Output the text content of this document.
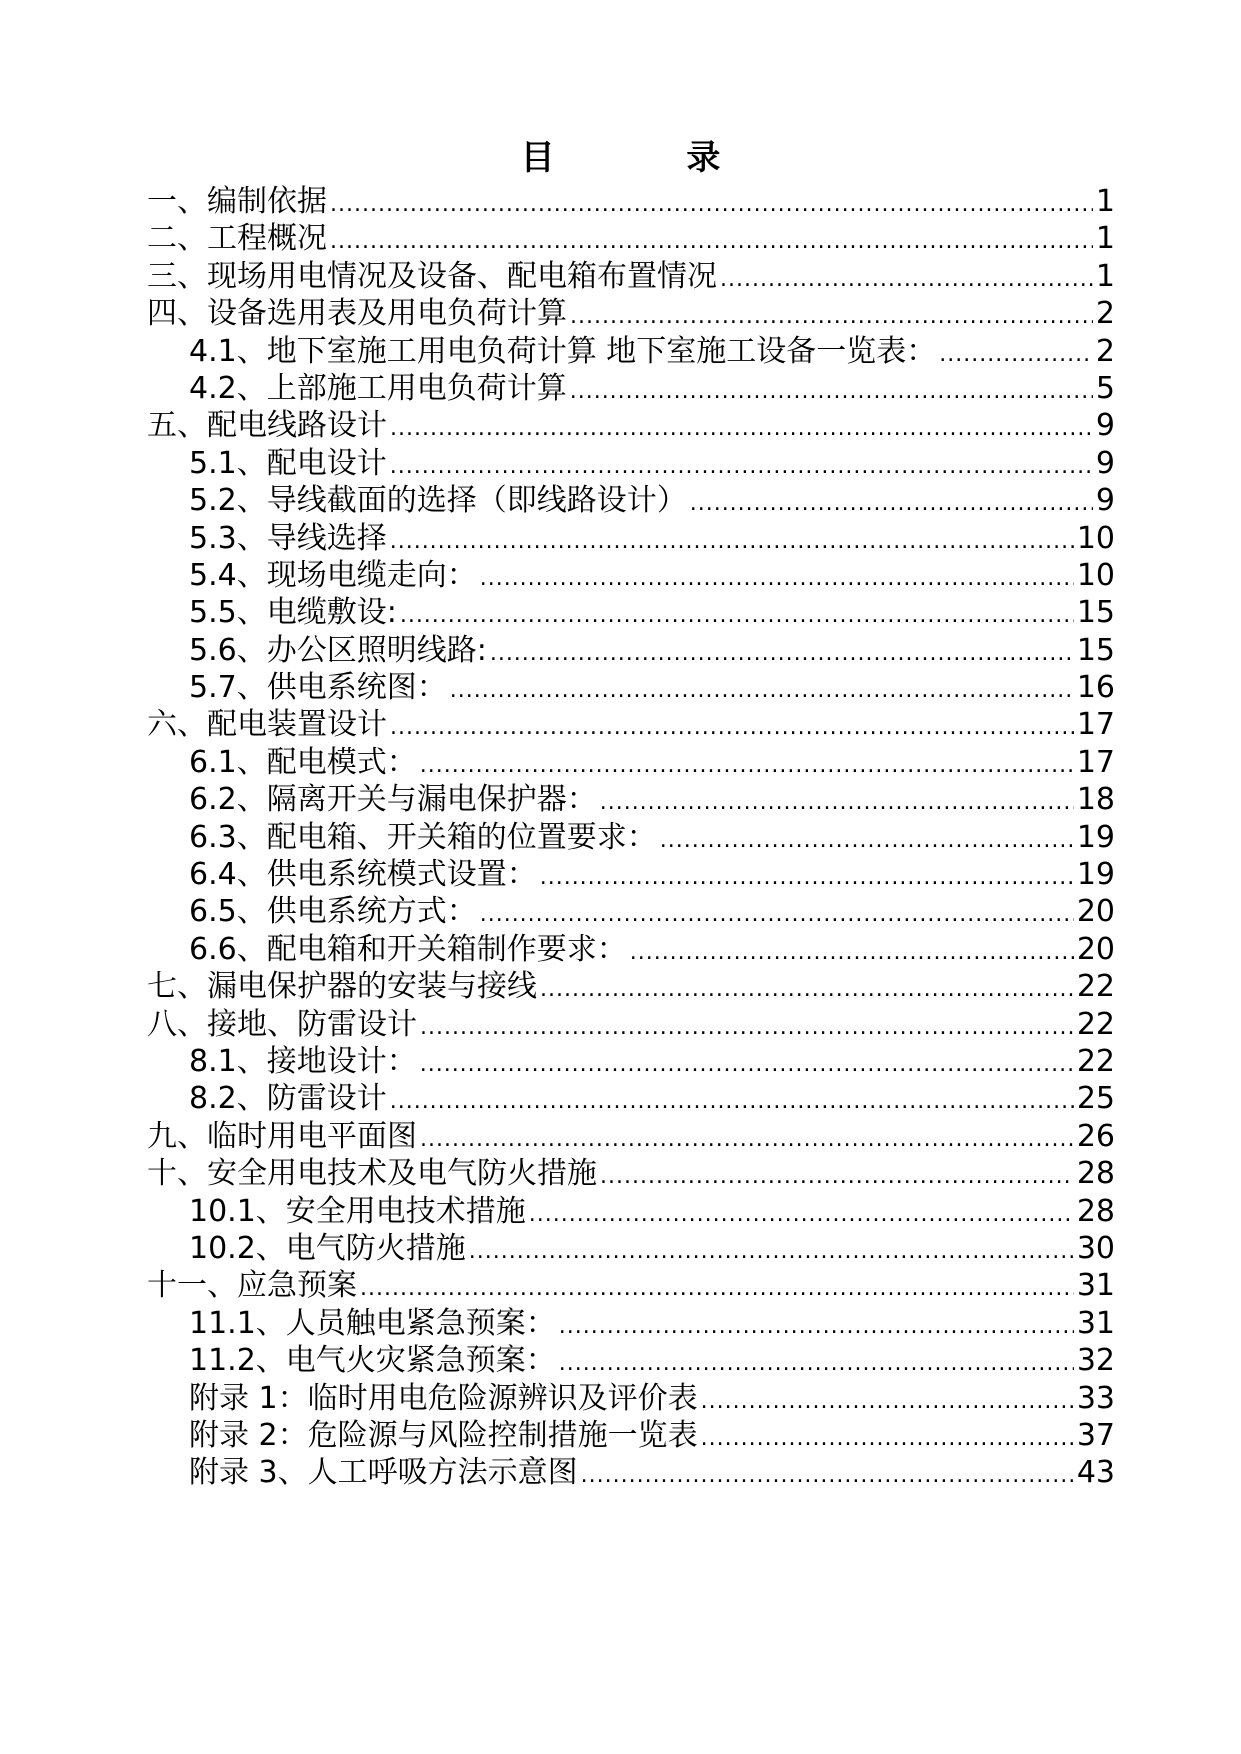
目 录
一、编制依据 .....	1
二、工程概况 .....	1
三、现场用电情况及设备、配电箱布置情况 .....	1
四、设备选用表及用电负荷计算 .....	2
4.1、地下室施工用电负荷计算 地下室施工设备一览表： .....	2
4.2、上部施工用电负荷计算 .....	5
五、配电线路设计 .....	9
5.1、配电设计 .....	9
5.2、导线截面的选择（即线路设计） .....	9
5.3、导线选择 .....	10
5.4、现场电缆走向： .....	10
5.5、电缆敷设: .....	15
5.6、办公区照明线路: .....	15
5.7、供电系统图： .....	16
六、配电装置设计 .....	17
6.1、配电模式： .....	17
6.2、隔离开关与漏电保护器： .....	18
6.3、配电箱、开关箱的位置要求： .....	19
6.4、供电系统模式设置： .....	19
6.5、供电系统方式： .....	20
6.6、配电箱和开关箱制作要求： .....	20
七、漏电保护器的安装与接线 .....	22
八、接地、防雷设计 .....	22
8.1、接地设计： .....	22
8.2、防雷设计 .....	25
九、临时用电平面图 .....	26
十、安全用电技术及电气防火措施 .....	28
10.1、安全用电技术措施 .....	28
10.2、电气防火措施 .....	30
十一、应急预案 .....	31
11.1、人员触电紧急预案： .....	31
11.2、电气火灾紧急预案： .....	32
附录 1：临时用电危险源辨识及评价表 .....	33
附录 2：危险源与风险控制措施一览表 .....	37
附录 3、人工呼吸方法示意图 .....	43
